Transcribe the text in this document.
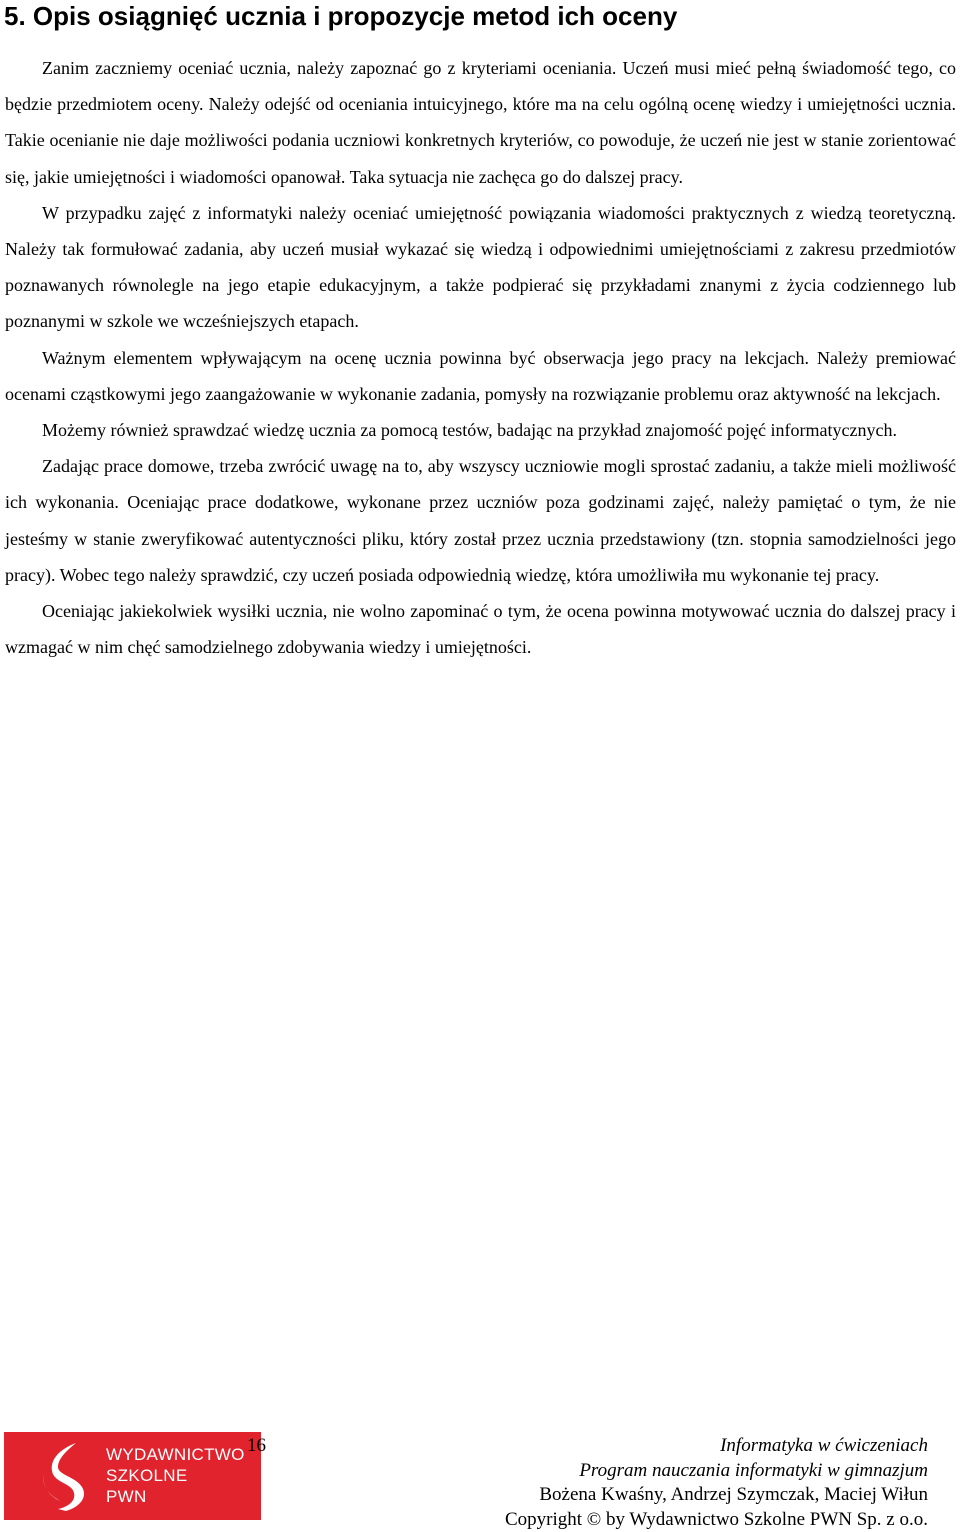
5. Opis osiągnięć ucznia i propozycje metod ich oceny

Zanim zaczniemy oceniać ucznia, należy zapoznać go z kryteriami oceniania. Uczeń musi mieć pełną świadomość tego, co będzie przedmiotem oceny. Należy odejść od oceniania intuicyjnego, które ma na celu ogólną ocenę wiedzy i umiejętności ucznia. Takie ocenianie nie daje możliwości podania uczniowi konkretnych kryteriów, co powoduje, że uczeń nie jest w stanie zorientować się, jakie umiejętności i wiadomości opanował. Taka sytuacja nie zachęca go do dalszej pracy.

W przypadku zajęć z informatyki należy oceniać umiejętność powiązania wiadomości praktycznych z wiedzą teoretyczną. Należy tak formułować zadania, aby uczeń musiał wykazać się wiedzą i odpowiednimi umiejętnościami z zakresu przedmiotów poznawanych równolegle na jego etapie edukacyjnym, a także podpierać się przykładami znanymi z życia codziennego lub poznanymi w szkole we wcześniejszych etapach.

Ważnym elementem wpływającym na ocenę ucznia powinna być obserwacja jego pracy na lekcjach. Należy premiować ocenami cząstkowymi jego zaangażowanie w wykonanie zadania, pomysły na rozwiązanie problemu oraz aktywność na lekcjach.

Możemy również sprawdzać wiedzę ucznia za pomocą testów, badając na przykład znajomość pojęć informatycznych.

Zadając prace domowe, trzeba zwrócić uwagę na to, aby wszyscy uczniowie mogli sprostać zadaniu, a także mieli możliwość ich wykonania. Oceniając prace dodatkowe, wykonane przez uczniów poza godzinami zajęć, należy pamiętać o tym, że nie jesteśmy w stanie zweryfikować autentyczności pliku, który został przez ucznia przedstawiony (tzn. stopnia samodzielności jego pracy). Wobec tego należy sprawdzić, czy uczeń posiada odpowiednią wiedzę, która umożliwiła mu wykonanie tej pracy.

Oceniając jakiekolwiek wysiłki ucznia, nie wolno zapominać o tym, że ocena powinna motywować ucznia do dalszej pracy i wzmagać w nim chęć samodzielnego zdobywania wiedzy i umiejętności.

WYDAWNICTWO
SZKOLNE
PWN
16	Informatyka w ćwiczeniach
Program nauczania informatyki w gimnazjum
Bożena Kwaśny, Andrzej Szymczak, Maciej Wiłun
Copyright © by Wydawnictwo Szkolne PWN Sp. z o.o.
